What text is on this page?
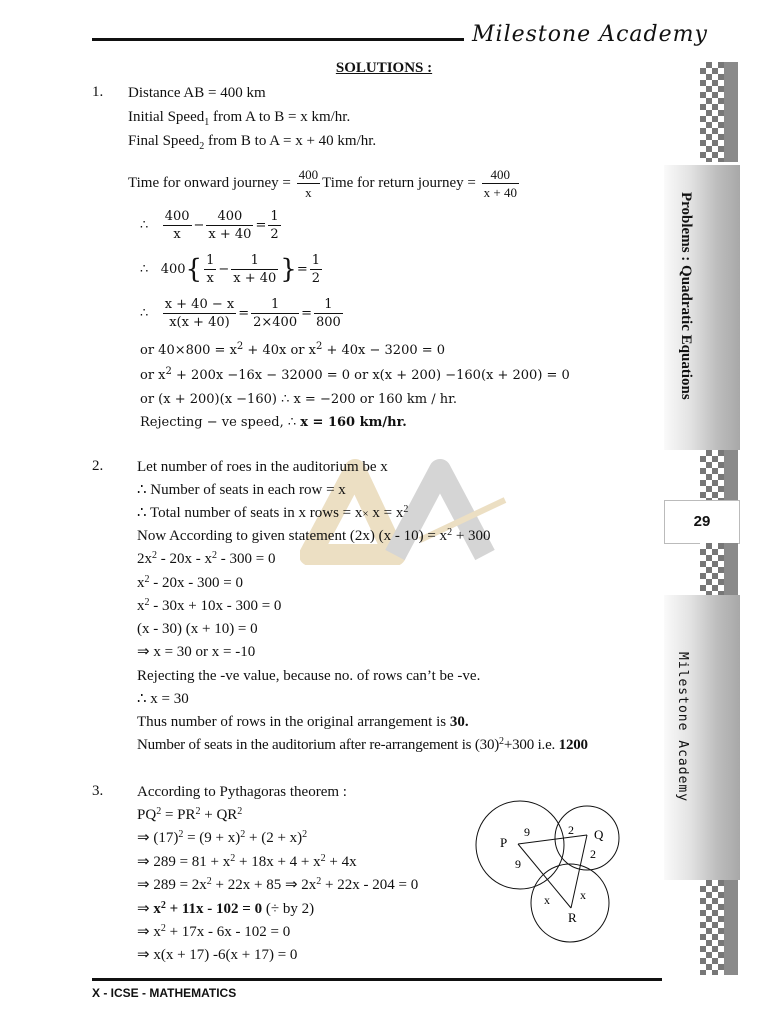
Milestone Academy
Problems : Quadratic Equations
29
Milestone Academy
SOLUTIONS :
1. Distance AB = 400 km
Initial Speed$_1$ from A to B = x km/hr.
Final Speed$_2$ from B to A = x + 40 km/hr.
Time for onward journey = $\frac{400}{x}$ Time for return journey = $\frac{400}{x + 40}$
∴ $\frac{400}{x} - \frac{400}{x + 40} = \frac{1}{2}$
∴ $400\{ \frac{1}{x} - \frac{1}{x + 40}$ }= $\frac{1}{2}$
∴ $\frac{x + 40 - x}{x(x + 40)} = \frac{1}{2\times 400} = \frac{1}{800}$
or $40\times 800 = x^2 + 40x$ or $x^2 + 40x - 3200 = 0$
or $x^2 + 200x -16x - 32000 = 0$ or x(x + 200) −160(x + 200) = 0
or (x + 200)(x −160) ∴ x = −200 or 160 km / hr.
Rejecting − ve speed, ∴ x = 160 km/hr.
2. Let number of roes in the auditorium be x
∴ Number of seats in each row = x
∴ Total number of seats in x rows = $x\times x = x^2$
Now According to given statement (2x) $(x - 10) = x^2 + 300$
$2x^2 - 20x - x^2 - 300 = 0$
$x^2 - 20x - 300 = 0$
$x^2 - 30x + 10x - 300 = 0$
(x - 30) (x + 10) = 0
⇒ x = 30 or x = -10
Rejecting the -ve value, because no. of rows can’t be -ve.
∴ x = 30
Thus number of rows in the original arrangement is 30.
Number of seats in the auditorium after re-arrangement is $(30)^2+300$ i.e. 1200
3. According to Pythagoras theorem :
$PQ^2 = PR^2 + QR^2$
⇒ $(17)^2 = (9 + x)^2 + (2 + x)^2$
⇒ $289 = 81 + x^2 + 18x + 4 + x^2 + 4x$
⇒ $289 = 2x^2 + 22x + 85$ ⇒ $2x^2 + 22x - 204 = 0$
⇒ $x^2 + 11x - 102 = 0$ (÷ by 2)
⇒ $x^2 + 17x - 6x - 102 = 0$
⇒ x(x + 17) -6(x + 17) = 0
P
Q
R
9	2
9
2
x	x
X - ICSE - MATHEMATICS
